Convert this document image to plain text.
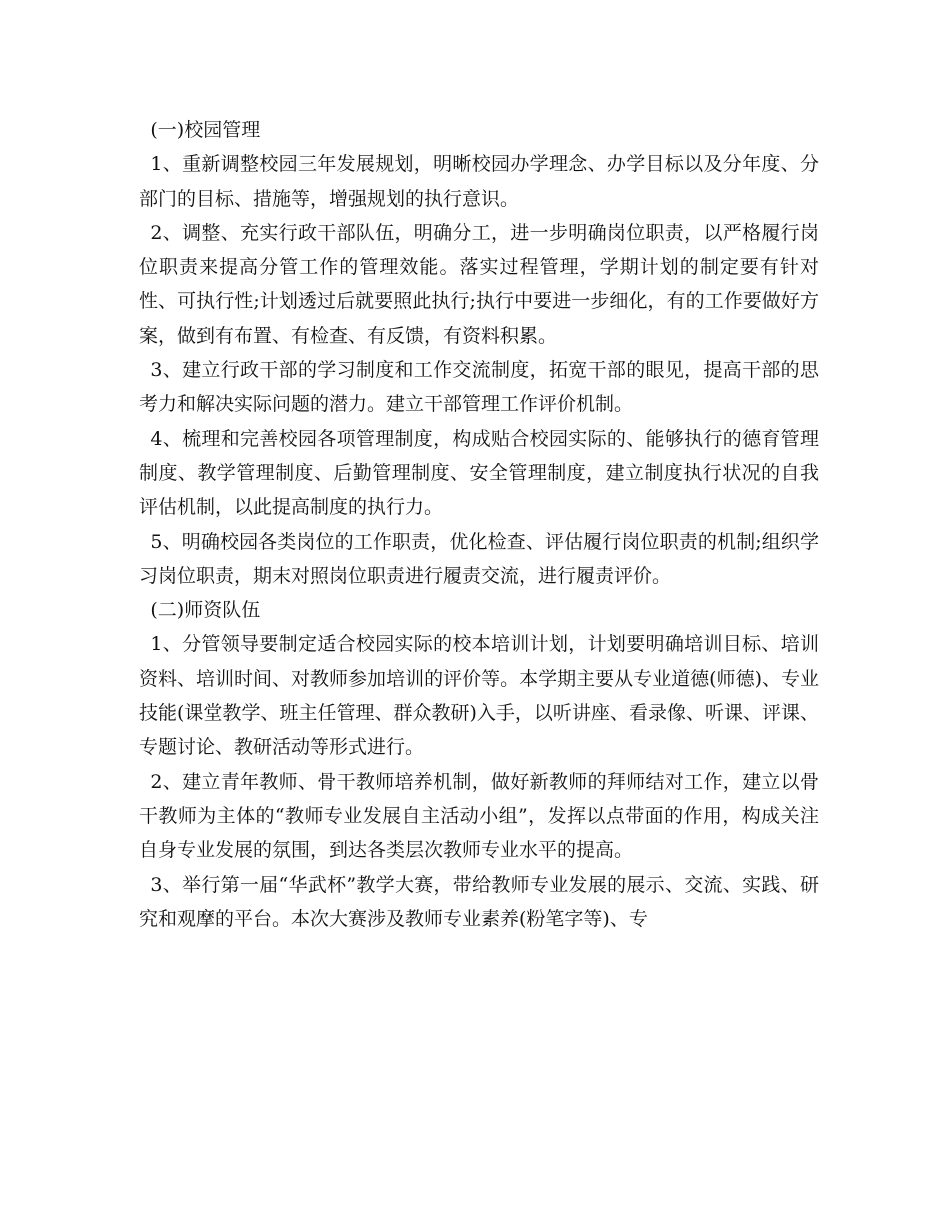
(一)校园管理

1、重新调整校园三年发展规划，明晰校园办学理念、办学目标以及分年度、分部门的目标、措施等，增强规划的执行意识。

2、调整、充实行政干部队伍，明确分工，进一步明确岗位职责，以严格履行岗位职责来提高分管工作的管理效能。落实过程管理，学期计划的制定要有针对性、可执行性;计划透过后就要照此执行;执行中要进一步细化，有的工作要做好方案，做到有布置、有检查、有反馈，有资料积累。

3、建立行政干部的学习制度和工作交流制度，拓宽干部的眼见，提高干部的思考力和解决实际问题的潜力。建立干部管理工作评价机制。

4、梳理和完善校园各项管理制度，构成贴合校园实际的、能够执行的德育管理制度、教学管理制度、后勤管理制度、安全管理制度，建立制度执行状况的自我评估机制，以此提高制度的执行力。

5、明确校园各类岗位的工作职责，优化检查、评估履行岗位职责的机制;组织学习岗位职责，期末对照岗位职责进行履责交流，进行履责评价。

(二)师资队伍

1、分管领导要制定适合校园实际的校本培训计划，计划要明确培训目标、培训资料、培训时间、对教师参加培训的评价等。本学期主要从专业道德(师德)、专业技能(课堂教学、班主任管理、群众教研)入手，以听讲座、看录像、听课、评课、专题讨论、教研活动等形式进行。

2、建立青年教师、骨干教师培养机制，做好新教师的拜师结对工作，建立以骨干教师为主体的“教师专业发展自主活动小组”，发挥以点带面的作用，构成关注自身专业发展的氛围，到达各类层次教师专业水平的提高。

3、举行第一届“华武杯”教学大赛，带给教师专业发展的展示、交流、实践、研究和观摩的平台。本次大赛涉及教师专业素养(粉笔字等)、专
